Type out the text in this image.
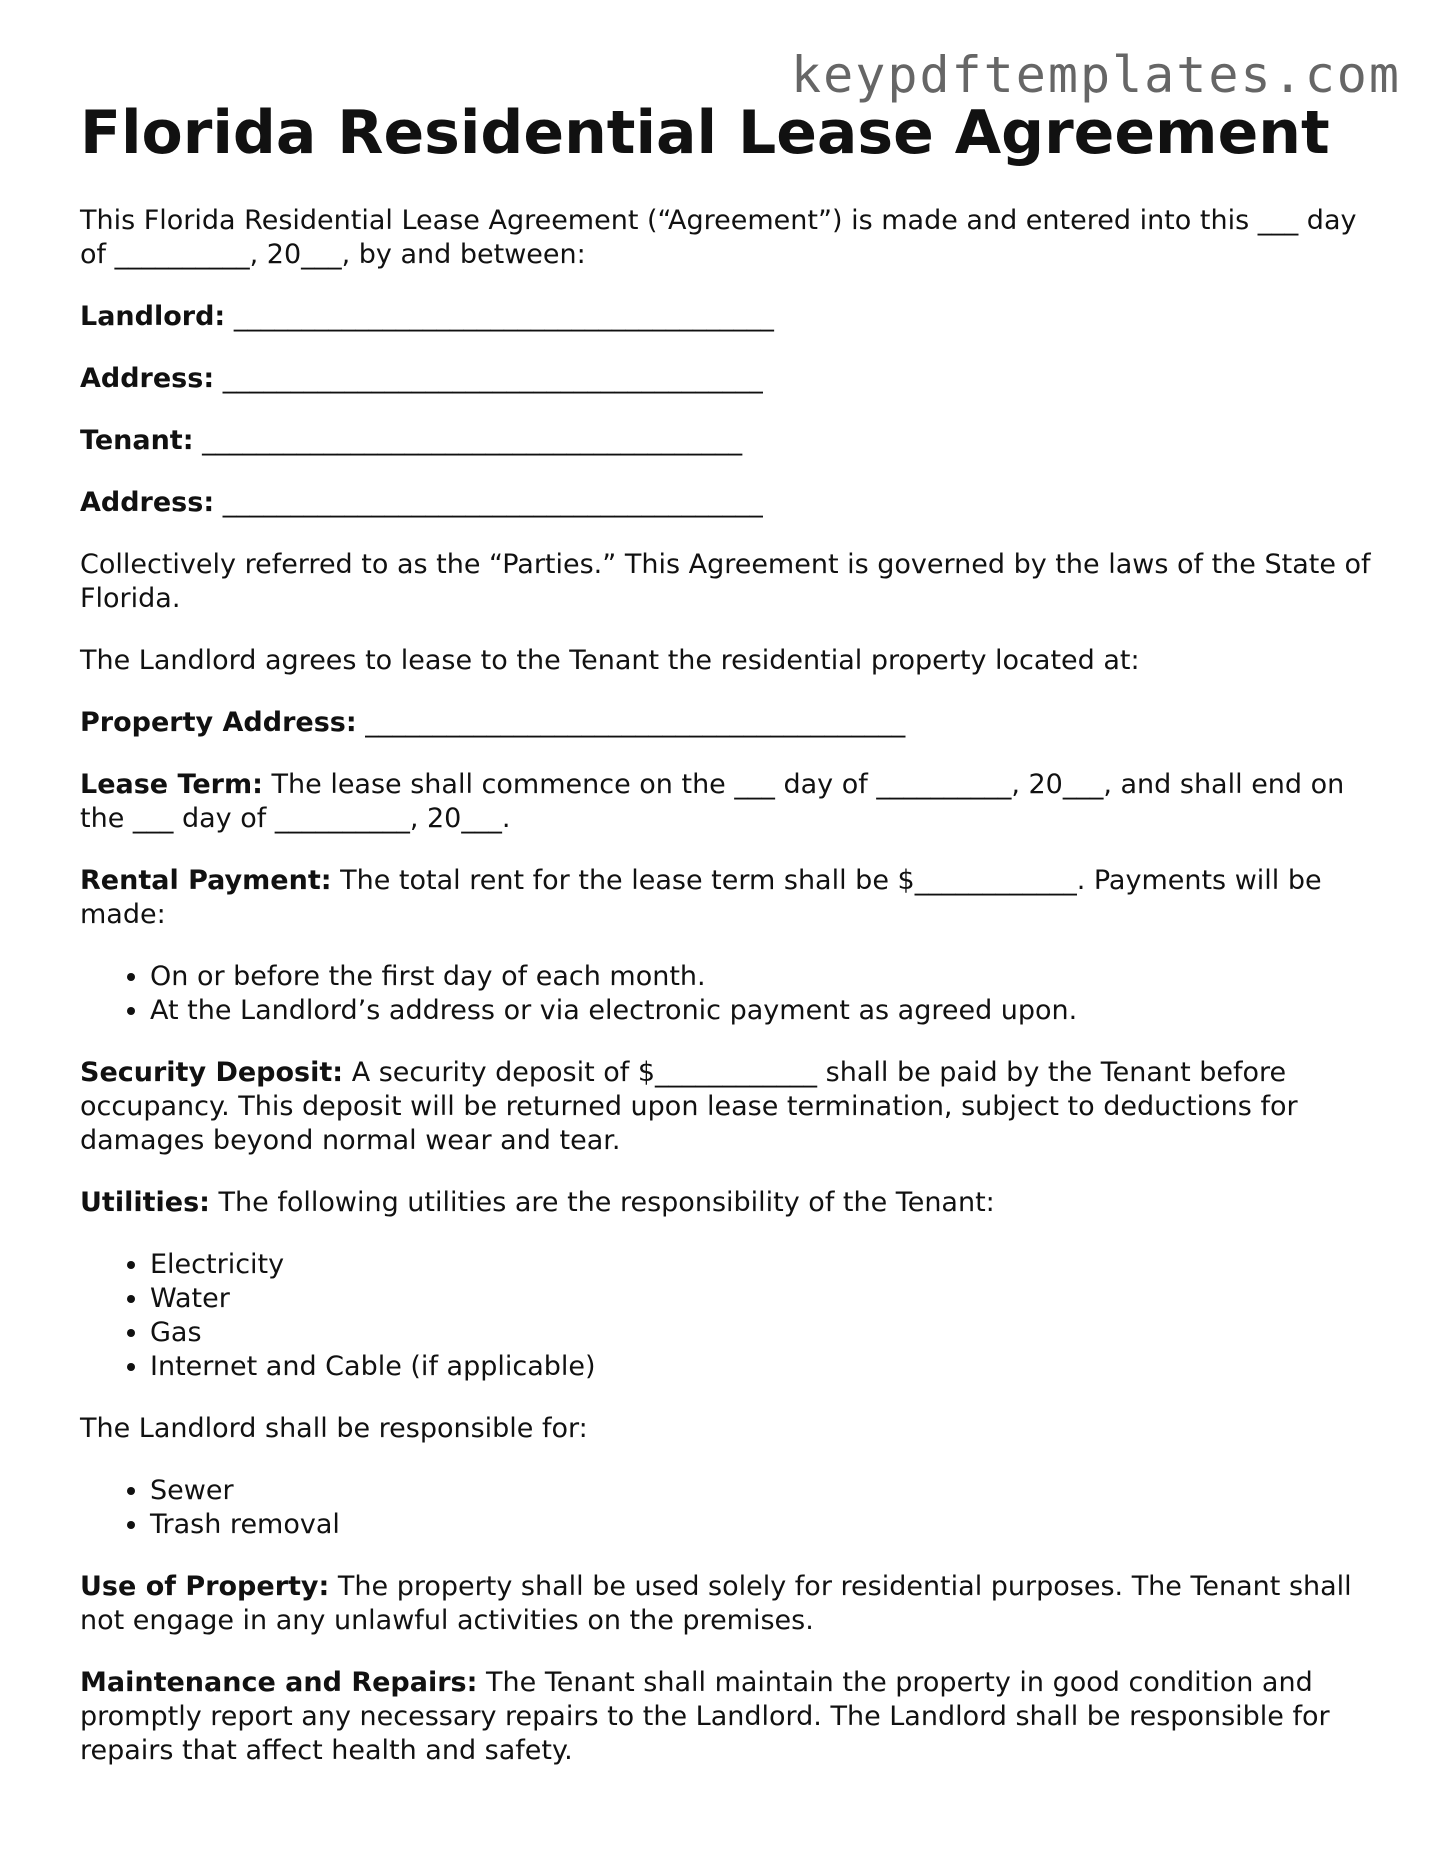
keypdftemplates.com
Florida Residential Lease Agreement

This Florida Residential Lease Agreement (“Agreement”) is made and entered into this ___ day of __________, 20___, by and between:

Landlord: ________________________________________

Address: ________________________________________

Tenant: ________________________________________

Address: ________________________________________

Collectively referred to as the “Parties.” This Agreement is governed by the laws of the State of Florida.

The Landlord agrees to lease to the Tenant the residential property located at:

Property Address: ________________________________________

Lease Term: The lease shall commence on the ___ day of __________, 20___, and shall end on the ___ day of __________, 20___.

Rental Payment: The total rent for the lease term shall be $____________. Payments will be made:

• On or before the first day of each month.
• At the Landlord’s address or via electronic payment as agreed upon.

Security Deposit: A security deposit of $____________ shall be paid by the Tenant before occupancy. This deposit will be returned upon lease termination, subject to deductions for damages beyond normal wear and tear.

Utilities: The following utilities are the responsibility of the Tenant:

• Electricity
• Water
• Gas
• Internet and Cable (if applicable)

The Landlord shall be responsible for:

• Sewer
• Trash removal

Use of Property: The property shall be used solely for residential purposes. The Tenant shall not engage in any unlawful activities on the premises.

Maintenance and Repairs: The Tenant shall maintain the property in good condition and promptly report any necessary repairs to the Landlord. The Landlord shall be responsible for repairs that affect health and safety.
